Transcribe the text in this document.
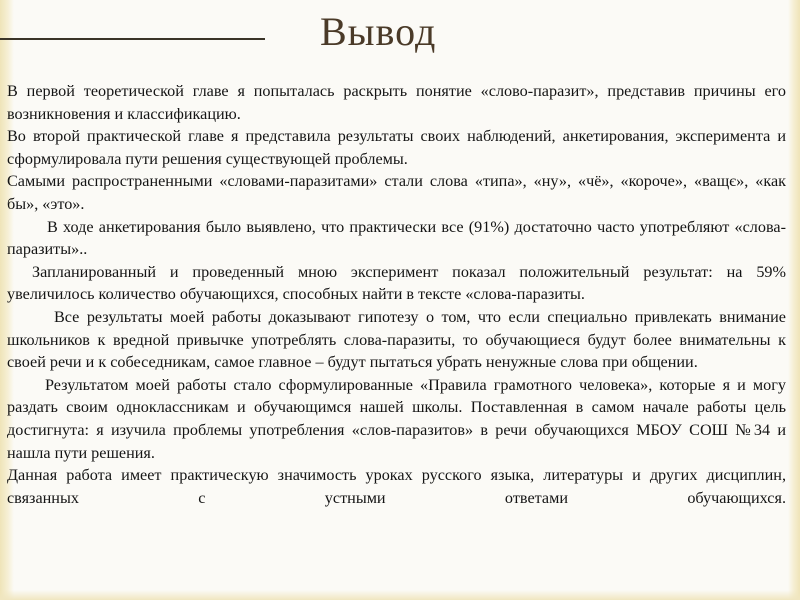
Вывод

В первой теоретической главе я попыталась раскрыть понятие «слово-паразит», представив причины его возникновения и классификацию.

Во второй практической главе я представила результаты своих наблюдений, анкетирования, эксперимента и сформулировала пути решения существующей проблемы.

Самыми распространенными «словами-паразитами» стали слова «типа», «ну», «чё», «короче», «ващє», «как бы», «это».

В ходе анкетирования было выявлено, что практически все (91%) достаточно часто употребляют «слова-паразиты»..

Запланированный и проведенный мною эксперимент показал положительный результат: на 59% увеличилось количество обучающихся, способных найти в тексте «слова-паразиты.

Все результаты моей работы доказывают гипотезу о том, что если специально привлекать внимание школьников к вредной привычке употреблять слова-паразиты, то обучающиеся будут более внимательны к своей речи и к собеседникам, самое главное – будут пытаться убрать ненужные слова при общении.

Результатом моей работы стало сформулированные «Правила грамотного человека», которые я и могу раздать своим одноклассникам и обучающимся нашей школы. Поставленная в самом начале работы цель достигнута: я изучила проблемы употребления «слов-паразитов» в речи обучающихся МБОУ СОШ №34 и нашла пути решения.

Данная работа имеет практическую значимость уроках русского языка, литературы и других дисциплин, связанных с устными ответами обучающихся.
